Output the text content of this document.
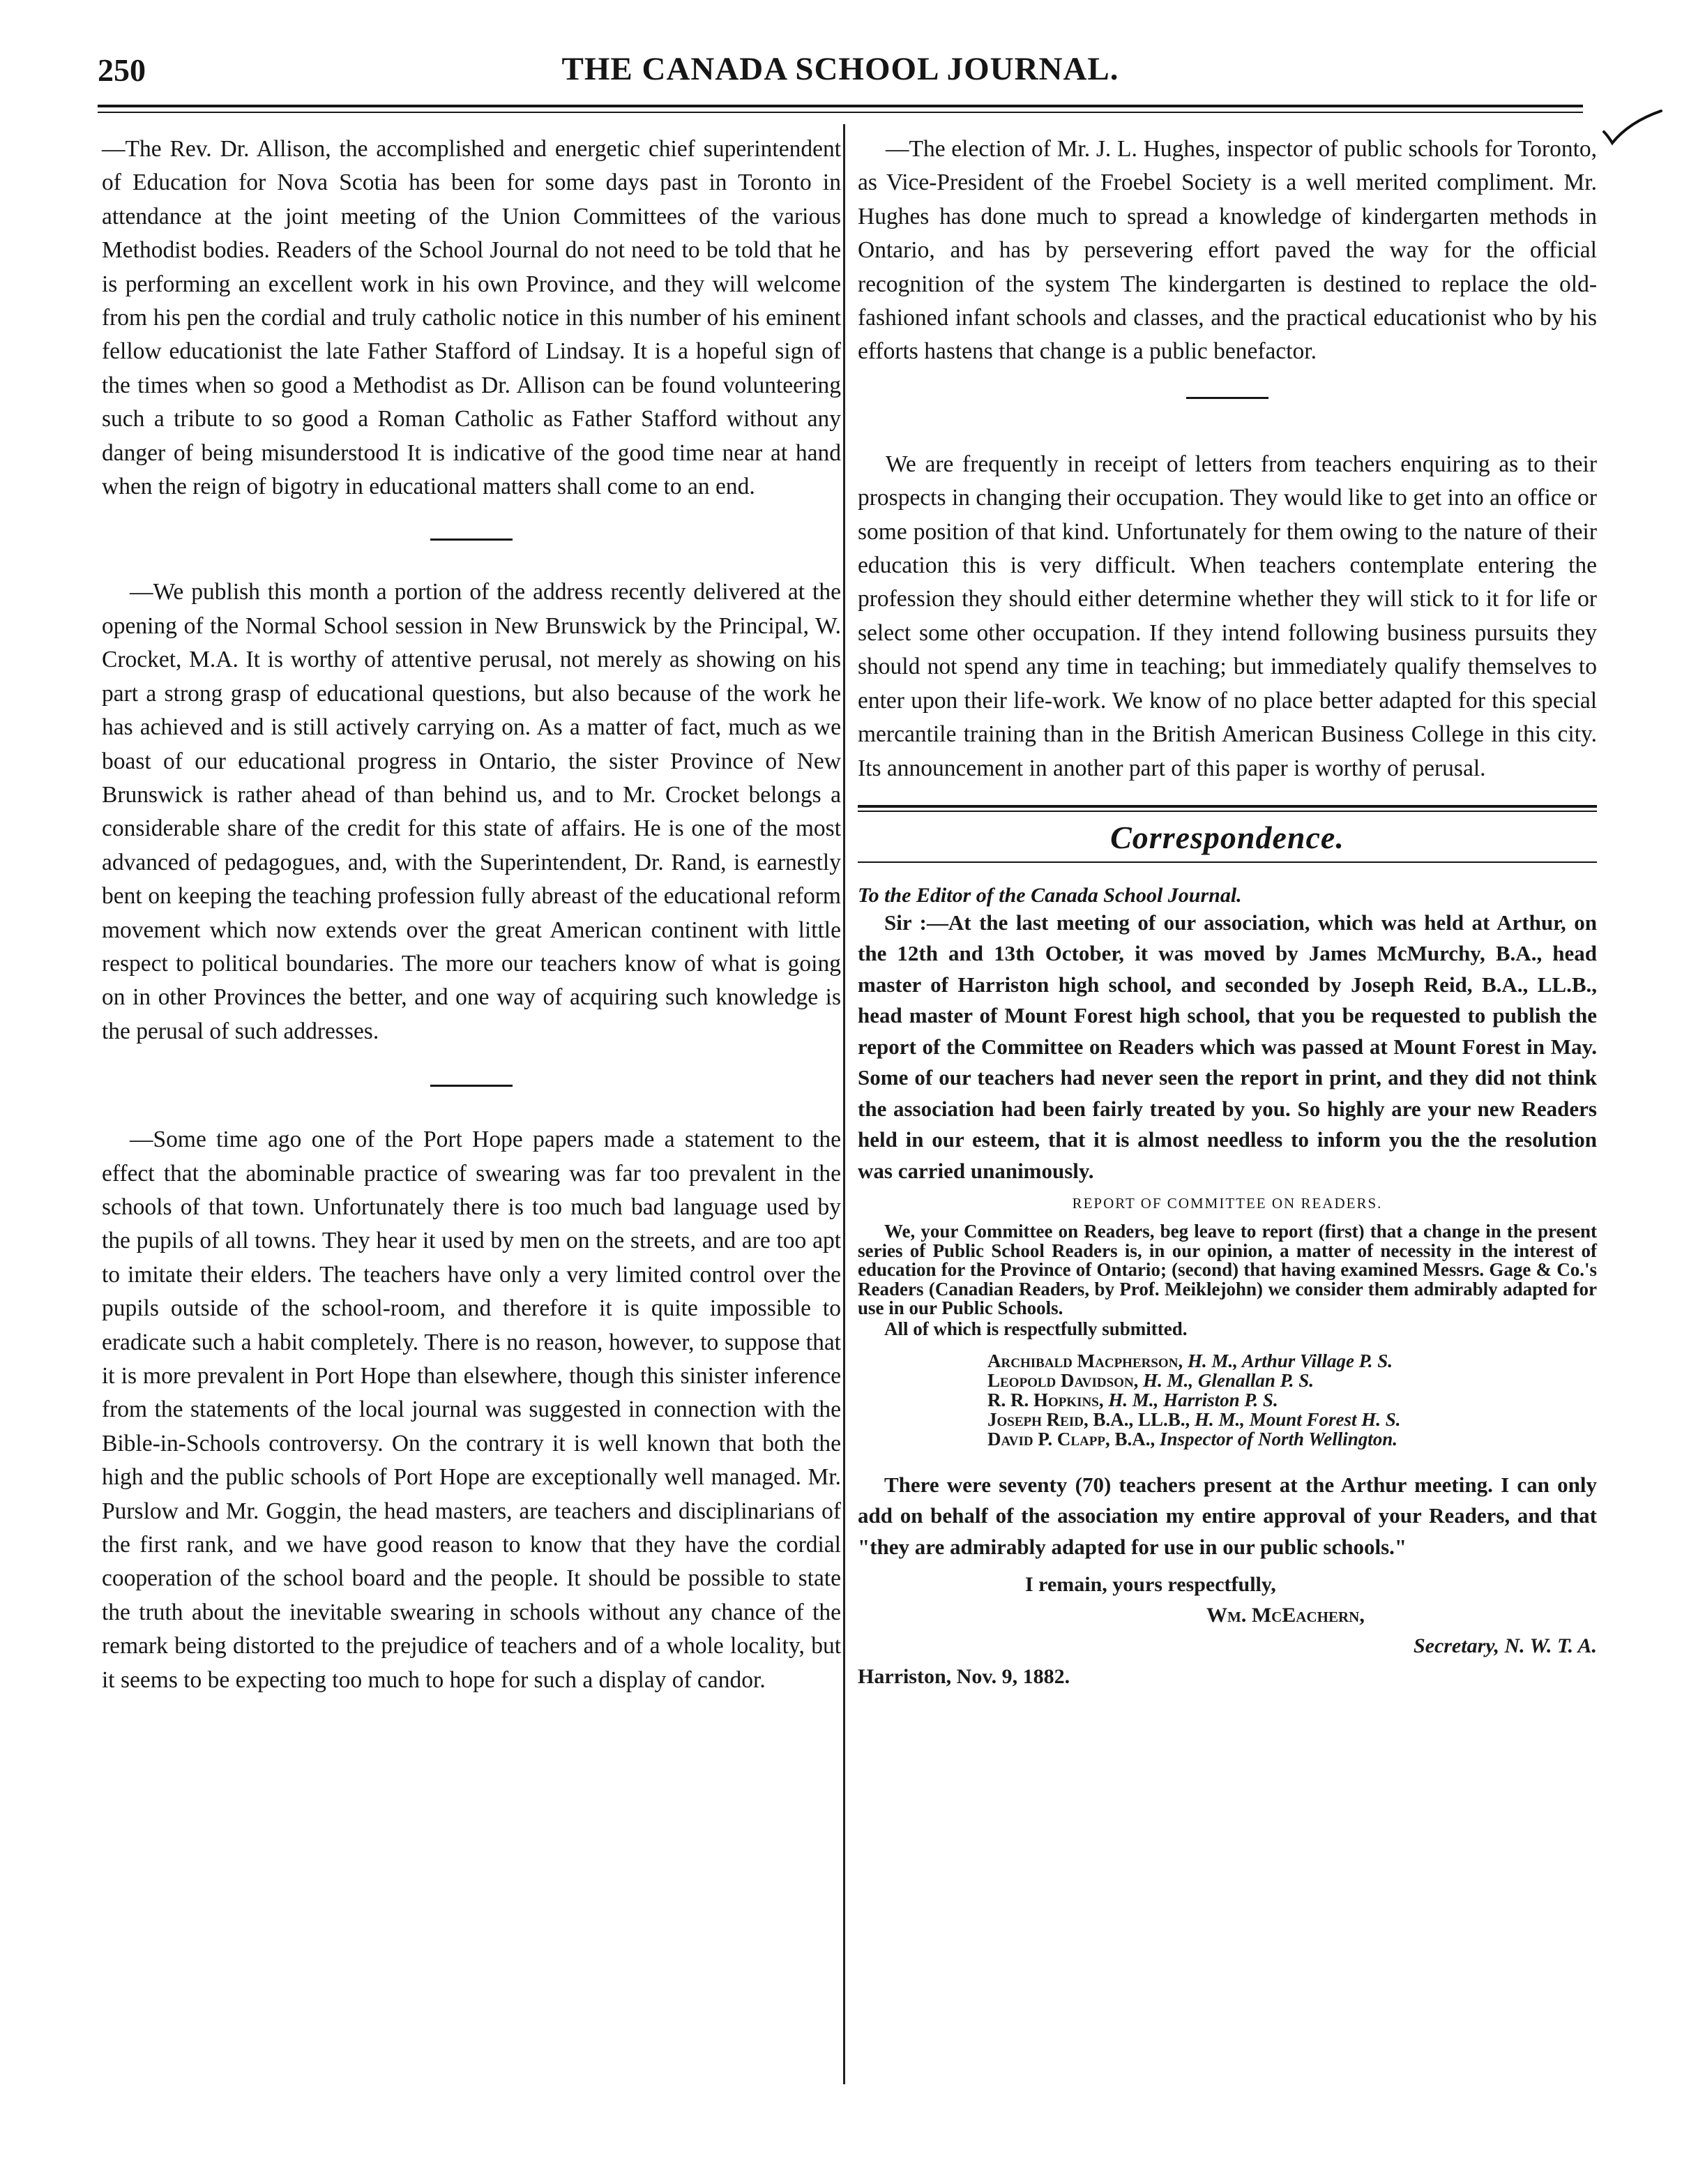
250	THE CANADA SCHOOL JOURNAL.

—The Rev. Dr. Allison, the accomplished and energetic chief superintendent of Education for Nova Scotia has been for some days past in Toronto in attendance at the joint meeting of the Union Committees of the various Methodist bodies. Readers of the School Journal do not need to be told that he is performing an excellent work in his own Province, and they will welcome from his pen the cordial and truly catholic notice in this number of his eminent fellow educationist the late Father Stafford of Lindsay. It is a hopeful sign of the times when so good a Methodist as Dr. Allison can be found volunteering such a tribute to so good a Roman Catholic as Father Stafford without any danger of being misunderstood It is indicative of the good time near at hand when the reign of bigotry in educational matters shall come to an end.

—We publish this month a portion of the address recently delivered at the opening of the Normal School session in New Brunswick by the Principal, W. Crocket, M.A. It is worthy of attentive perusal, not merely as showing on his part a strong grasp of educational questions, but also because of the work he has achieved and is still actively carrying on. As a matter of fact, much as we boast of our educational progress in Ontario, the sister Province of New Brunswick is rather ahead of than behind us, and to Mr. Crocket belongs a considerable share of the credit for this state of affairs. He is one of the most advanced of pedagogues, and, with the Superintendent, Dr. Rand, is earnestly bent on keeping the teaching profession fully abreast of the educational reform movement which now extends over the great American continent with little respect to political boundaries. The more our teachers know of what is going on in other Provinces the better, and one way of acquiring such knowledge is the perusal of such addresses.

—Some time ago one of the Port Hope papers made a statement to the effect that the abominable practice of swearing was far too prevalent in the schools of that town. Unfortunately there is too much bad language used by the pupils of all towns. They hear it used by men on the streets, and are too apt to imitate their elders. The teachers have only a very limited control over the pupils outside of the school-room, and therefore it is quite impossible to eradicate such a habit completely. There is no reason, however, to suppose that it is more prevalent in Port Hope than elsewhere, though this sinister inference from the statements of the local journal was suggested in connection with the Bible-in-Schools controversy. On the contrary it is well known that both the high and the public schools of Port Hope are exceptionally well managed. Mr. Purslow and Mr. Goggin, the head masters, are teachers and disciplinarians of the first rank, and we have good reason to know that they have the cordial cooperation of the school board and the people. It should be possible to state the truth about the inevitable swearing in schools without any chance of the remark being distorted to the prejudice of teachers and of a whole locality, but it seems to be expecting too much to hope for such a display of candor.

—The election of Mr. J. L. Hughes, inspector of public schools for Toronto, as Vice-President of the Froebel Society is a well merited compliment. Mr. Hughes has done much to spread a knowledge of kindergarten methods in Ontario, and has by persevering effort paved the way for the official recognition of the system The kindergarten is destined to replace the old-fashioned infant schools and classes, and the practical educationist who by his efforts hastens that change is a public benefactor.

We are frequently in receipt of letters from teachers enquiring as to their prospects in changing their occupation. They would like to get into an office or some position of that kind. Unfortunately for them owing to the nature of their education this is very difficult. When teachers contemplate entering the profession they should either determine whether they will stick to it for life or select some other occupation. If they intend following business pursuits they should not spend any time in teaching; but immediately qualify themselves to enter upon their life-work. We know of no place better adapted for this special mercantile training than in the British American Business College in this city. Its announcement in another part of this paper is worthy of perusal.

Correspondence.

To the Editor of the Canada School Journal.

Sir :—At the last meeting of our association, which was held at Arthur, on the 12th and 13th October, it was moved by James McMurchy, B.A., head master of Harriston high school, and seconded by Joseph Reid, B.A., LL.B., head master of Mount Forest high school, that you be requested to publish the report of the Committee on Readers which was passed at Mount Forest in May. Some of our teachers had never seen the report in print, and they did not think the association had been fairly treated by you. So highly are your new Readers held in our esteem, that it is almost needless to inform you the the resolution was carried unanimously.

REPORT OF COMMITTEE ON READERS.

We, your Committee on Readers, beg leave to report (first) that a change in the present series of Public School Readers is, in our opinion, a matter of necessity in the interest of education for the Province of Ontario; (second) that having examined Messrs. Gage & Co.'s Readers (Canadian Readers, by Prof. Meiklejohn) we consider them admirably adapted for use in our Public Schools.

All of which is respectfully submitted.

Archibald Macpherson, H. M., Arthur Village P. S.
Leopold Davidson, H. M., Glenallan P. S.
R. R. Hopkins, H. M., Harriston P. S.
Joseph Reid, B.A., LL.B., H. M., Mount Forest H. S.
David P. Clapp, B.A., Inspector of North Wellington.

There were seventy (70) teachers present at the Arthur meeting. I can only add on behalf of the association my entire approval of your Readers, and that "they are admirably adapted for use in our public schools."

I remain, yours respectfully,

Wm. McEachern,

Secretary, N. W. T. A.

Harriston, Nov. 9, 1882.
